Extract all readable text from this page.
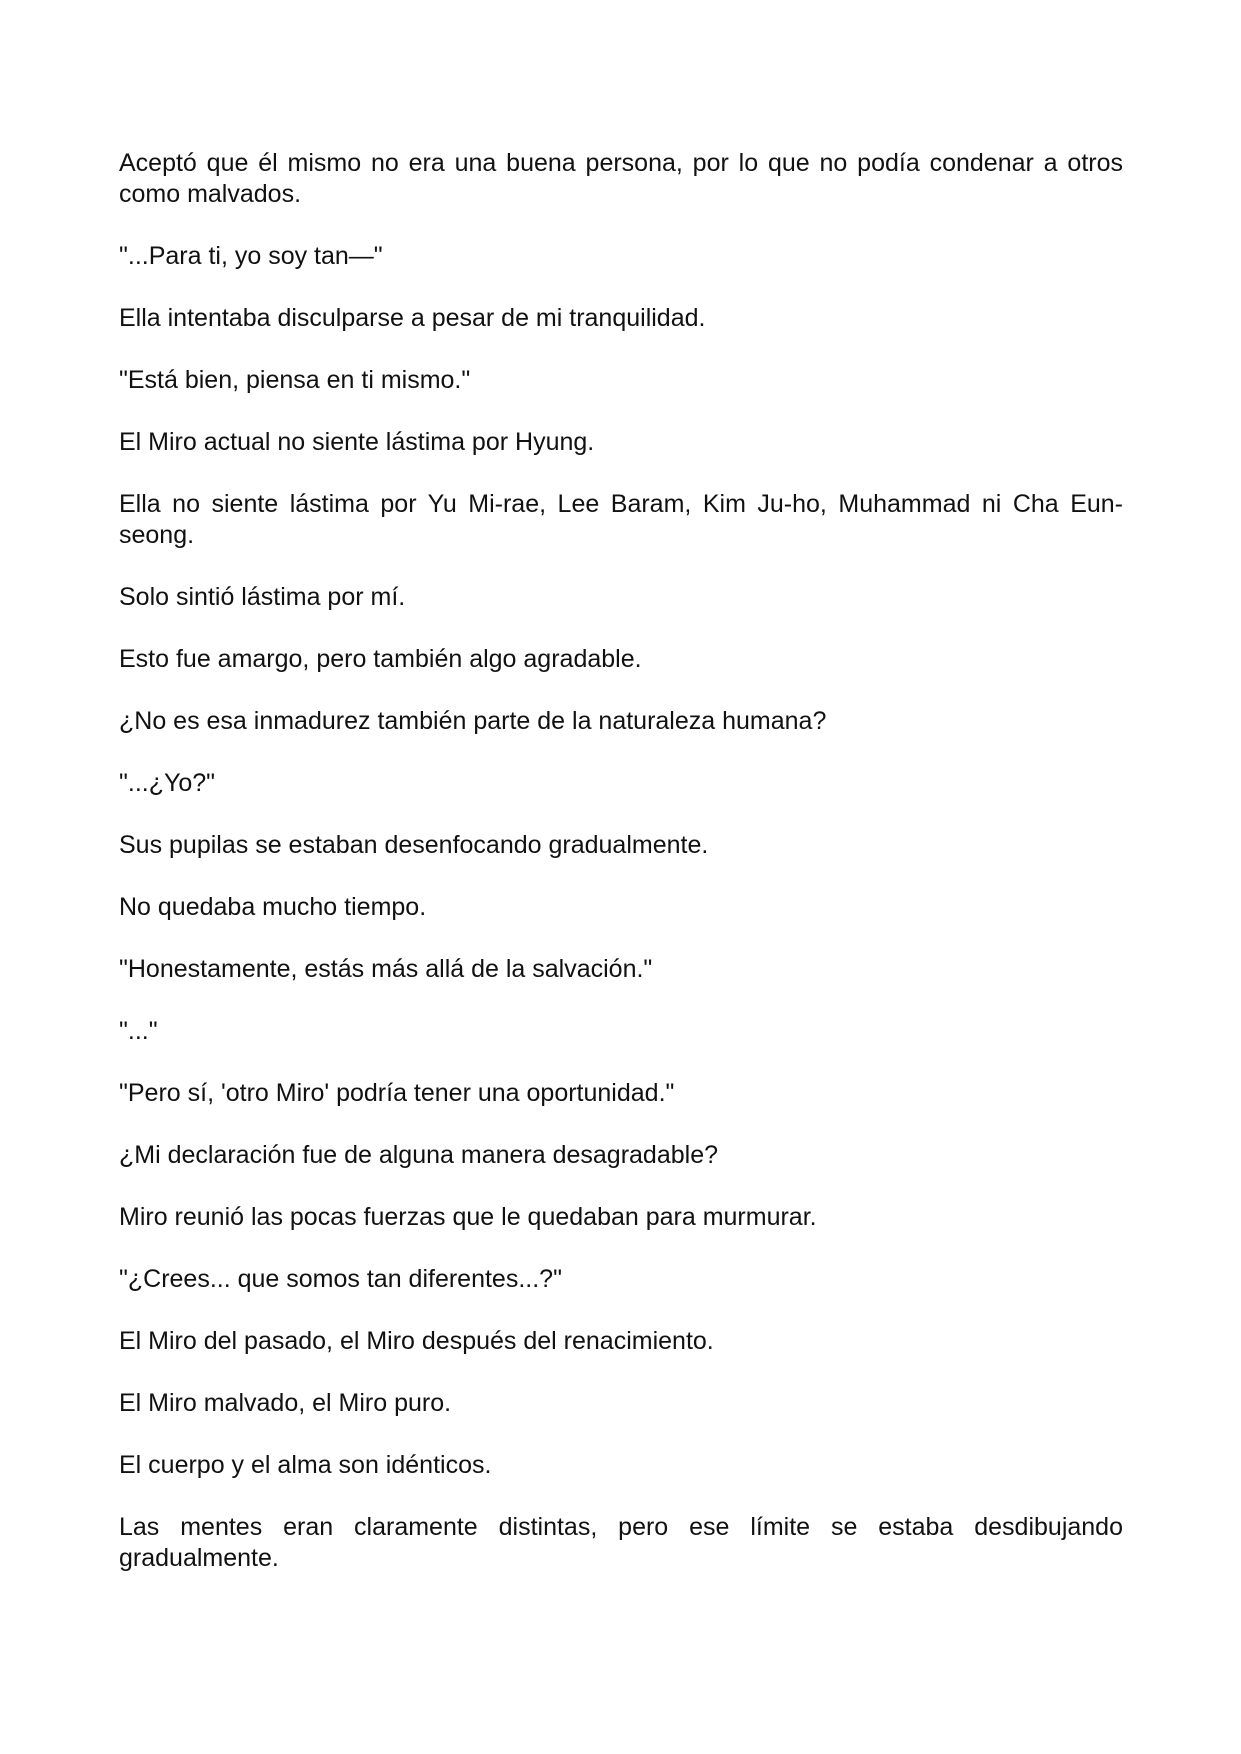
Aceptó que él mismo no era una buena persona, por lo que no podía condenar a otros como malvados.

"...Para ti, yo soy tan—"

Ella intentaba disculparse a pesar de mi tranquilidad.

"Está bien, piensa en ti mismo."

El Miro actual no siente lástima por Hyung.

Ella no siente lástima por Yu Mi-rae, Lee Baram, Kim Ju-ho, Muhammad ni Cha Eun-seong.

Solo sintió lástima por mí.

Esto fue amargo, pero también algo agradable.

¿No es esa inmadurez también parte de la naturaleza humana?

"...¿Yo?"

Sus pupilas se estaban desenfocando gradualmente.

No quedaba mucho tiempo.

"Honestamente, estás más allá de la salvación."

"..."

"Pero sí, 'otro Miro' podría tener una oportunidad."

¿Mi declaración fue de alguna manera desagradable?

Miro reunió las pocas fuerzas que le quedaban para murmurar.

"¿Crees... que somos tan diferentes...?"

El Miro del pasado, el Miro después del renacimiento.

El Miro malvado, el Miro puro.

El cuerpo y el alma son idénticos.

Las mentes eran claramente distintas, pero ese límite se estaba desdibujando gradualmente.
